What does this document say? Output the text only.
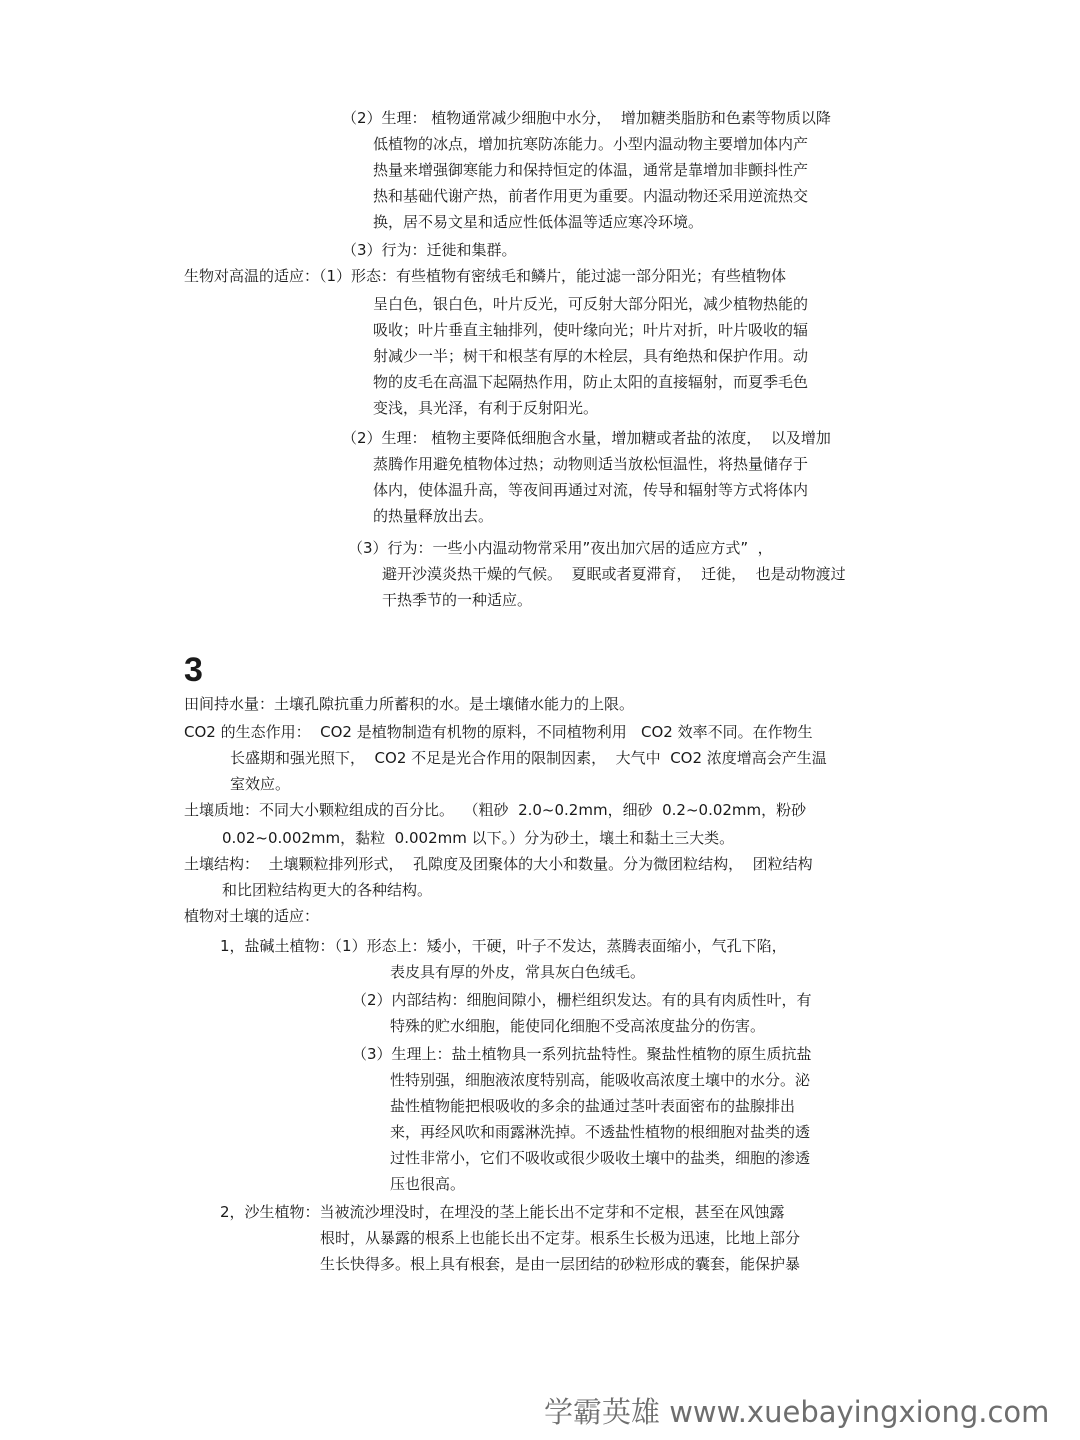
（2）生理： 植物通常减少细胞中水分，  增加糖类脂肪和色素等物质以降
低植物的冰点，增加抗寒防冻能力。小型内温动物主要增加体内产
热量来增强御寒能力和保持恒定的体温，通常是靠增加非颤抖性产
热和基础代谢产热，前者作用更为重要。内温动物还采用逆流热交
换，居不易文星和适应性低体温等适应寒冷环境。
（3）行为：迁徙和集群。
生物对高温的适应：（1）形态：有些植物有密绒毛和鳞片，能过滤一部分阳光；有些植物体
呈白色，银白色，叶片反光，可反射大部分阳光，减少植物热能的
吸收；叶片垂直主轴排列，使叶缘向光；叶片对折，叶片吸收的辐
射减少一半；树干和根茎有厚的木栓层，具有绝热和保护作用。动
物的皮毛在高温下起隔热作用，防止太阳的直接辐射，而夏季毛色
变浅，具光泽，有利于反射阳光。
（2）生理： 植物主要降低细胞含水量，增加糖或者盐的浓度，  以及增加
蒸腾作用避免植物体过热；动物则适当放松恒温性，将热量储存于
体内，使体温升高，等夜间再通过对流，传导和辐射等方式将体内
的热量释放出去。
（3）行为：一些小内温动物常采用”夜出加穴居的适应方式”  ，
避开沙漠炎热干燥的气候。  夏眠或者夏滞育，  迁徙，  也是动物渡过
干热季节的一种适应。
3
田间持水量：土壤孔隙抗重力所蓄积的水。是土壤储水能力的上限。
CO2 的生态作用：  CO2 是植物制造有机物的原料，不同植物利用   CO2 效率不同。在作物生
长盛期和强光照下，  CO2 不足是光合作用的限制因素，  大气中  CO2 浓度增高会产生温
室效应。
土壤质地：不同大小颗粒组成的百分比。  （粗砂  2.0~0.2mm，细砂  0.2~0.02mm，粉砂
0.02~0.002mm，黏粒  0.002mm 以下。）分为砂土，壤土和黏土三大类。
土壤结构：  土壤颗粒排列形式，  孔隙度及团聚体的大小和数量。分为微团粒结构，  团粒结构
和比团粒结构更大的各种结构。
植物对土壤的适应：
1，盐碱土植物：（1）形态上：矮小，干硬，叶子不发达，蒸腾表面缩小，气孔下陷，
表皮具有厚的外皮，常具灰白色绒毛。
（2）内部结构：细胞间隙小，栅栏组织发达。有的具有肉质性叶，有
特殊的贮水细胞，能使同化细胞不受高浓度盐分的伤害。
（3）生理上：盐土植物具一系列抗盐特性。聚盐性植物的原生质抗盐
性特别强，细胞液浓度特别高，能吸收高浓度土壤中的水分。泌
盐性植物能把根吸收的多余的盐通过茎叶表面密布的盐腺排出
来，再经风吹和雨露淋洗掉。不透盐性植物的根细胞对盐类的透
过性非常小，它们不吸收或很少吸收土壤中的盐类，细胞的渗透
压也很高。
2，沙生植物：当被流沙埋没时，在埋没的茎上能长出不定芽和不定根，甚至在风蚀露
根时，从暴露的根系上也能长出不定芽。根系生长极为迅速，比地上部分
生长快得多。根上具有根套，是由一层团结的砂粒形成的囊套，能保护暴
学霸英雄 www.xuebayingxiong.com
